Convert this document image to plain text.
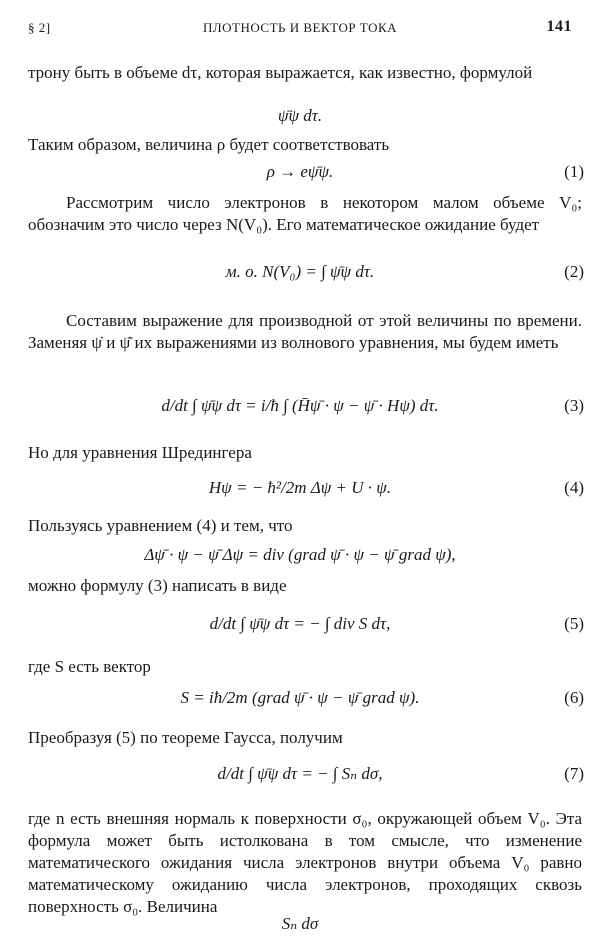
§ 2]	ПЛОТНОСТЬ И ВЕКТОР ТОКА	141
трону быть в объеме dτ, которая выражается, как известно, формулой
ψ̄ψ dτ.
Таким образом, величина ρ будет соответствовать
ρ → eψ̄ψ.	(1)
Рассмотрим число электронов в некотором малом объеме V₀; обозначим это число через N(V₀). Его математическое ожидание будет
м. о. N(V₀) = ∫ ψ̄ψ dτ.	(2)
Составим выражение для производной от этой величины по времени. Заменяя ψ̇ и ψ̇̄ их выражениями из волнового уравнения, мы будем иметь
d/dt ∫ ψ̄ψ dτ = i/ħ ∫ (H̄ψ̄ · ψ − ψ̄ · Hψ) dτ.	(3)
Но для уравнения Шредингера
Hψ = − ħ²/2m Δψ + U · ψ.	(4)
Пользуясь уравнением (4) и тем, что
Δψ̄ · ψ − ψ̄ Δψ = div (grad ψ̄ · ψ − ψ̄ grad ψ),
можно формулу (3) написать в виде
d/dt ∫ ψ̄ψ dτ = − ∫ div S dτ,	(5)
где S есть вектор
S = iħ/2m (grad ψ̄ · ψ − ψ̄ grad ψ).	(6)
Преобразуя (5) по теореме Гаусса, получим
d/dt ∫ ψ̄ψ dτ = − ∫ Sₙ dσ,	(7)
где n есть внешняя нормаль к поверхности σ₀, окружающей объем V₀. Эта формула может быть истолкована в том смысле, что изменение математического ожидания числа электронов внутри объема V₀ равно математическому ожиданию числа электронов, проходящих сквозь поверхность σ₀. Величина
Sₙ dσ
